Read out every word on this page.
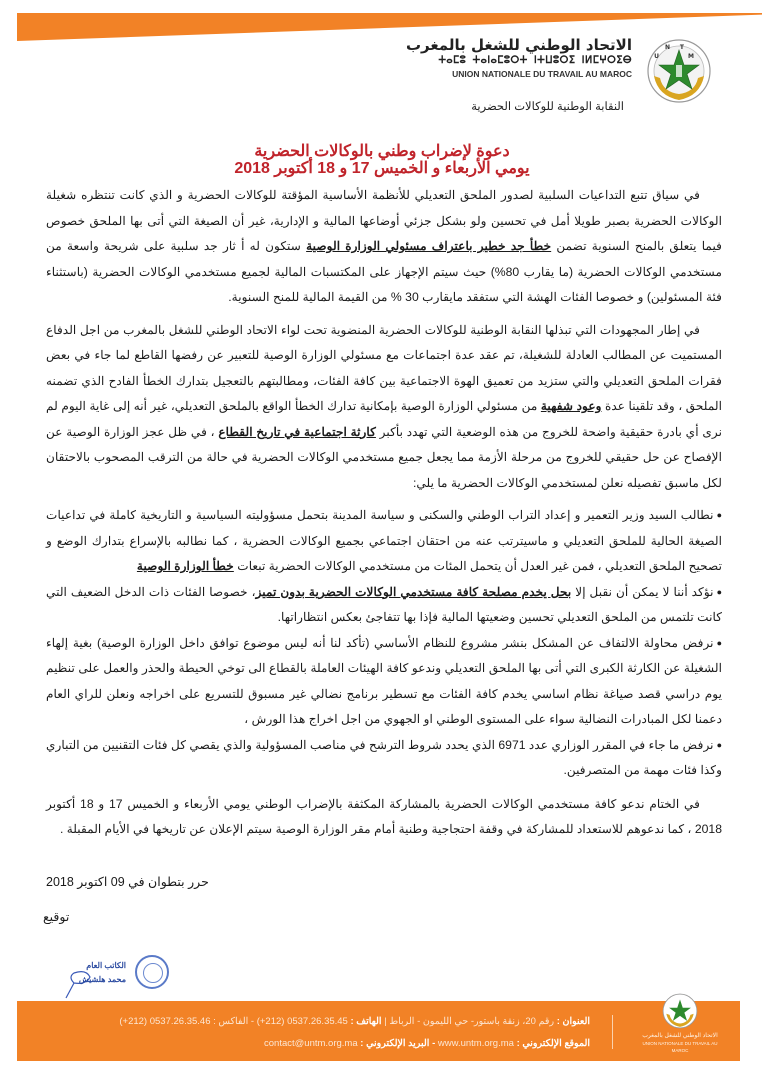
الاتحاد الوطني للشغل بالمغرب
ⵜⴰⵎⵓ ⵜⴰⵏⴰⵎⵓⵔⵜ ⵏⵜⵡⵓⵔⵉ ⵏⵍⵎⵖⵔⵉⴱ
UNION NATIONALE DU TRAVAIL AU MAROC
النقابة الوطنية للوكالات الحضرية
U
N T
M
دعوة لإضراب وطني بالوكالات الحضرية
يومي الأربعاء و الخميس 17 و 18 أكتوبر 2018

في سياق تتبع التداعيات السلبية لصدور الملحق التعديلي للأنظمة الأساسية المؤقتة للوكالات الحضرية و الذي كانت تنتظره شغيلة الوكالات الحضرية بصبر طويلا أمل في تحسين ولو بشكل جزئي أوضاعها المالية و الإدارية، غير أن الصيغة التي أتى بها الملحق خصوص فيما يتعلق بالمنح السنوية تضمن خطأ جد خطير باعتراف مسئولي الوزارة الوصية ستكون له أ ثار جد سلبية على شريحة واسعة من مستخدمي الوكالات الحضرية (ما يقارب 80%) حيث سيتم الإجهاز على المكتسبات المالية لجميع مستخدمي الوكالات الحضرية (باستثناء فئة المسئولين) و خصوصا الفئات الهشة التي ستفقد مايقارب 30 % من القيمة المالية للمنح السنوية.

في إطار المجهودات التي تبذلها النقابة الوطنية للوكالات الحضرية المنضوية تحت لواء الاتحاد الوطني للشغل بالمغرب من اجل الدفاع المستميت عن المطالب العادلة للشغيلة، تم عقد عدة اجتماعات مع مسئولي الوزارة الوصية للتعبير عن رفضها القاطع لما جاء في بعض فقرات الملحق التعديلي والتي ستزيد من تعميق الهوة الاجتماعية بين كافة الفئات، ومطالبتهم بالتعجيل بتدارك الخطأ الفادح الذي تضمنه الملحق ، وقد تلقينا عدة وعود شفهية من مسئولي الوزارة الوصية بإمكانية تدارك الخطأ الواقع بالملحق التعديلي، غير أنه إلى غاية اليوم لم نرى أي بادرة حقيقية واضحة للخروج من هذه الوضعية التي تهدد بأكبر كارثة اجتماعية في تاريخ القطاع ، في ظل عجز الوزارة الوصية عن الإفصاح عن حل حقيقي للخروج من مرحلة الأزمة مما يجعل جميع مستخدمي الوكالات الحضرية في حالة من الترقب المصحوب بالاحتقان لكل ماسبق تفصيله نعلن لمستخدمي الوكالات الحضرية ما يلي:

●نطالب السيد وزير التعمير و إعداد التراب الوطني والسكنى و سياسة المدينة بتحمل مسؤوليته السياسية و التاريخية كاملة في تداعيات الصيغة الحالية للملحق التعديلي و ماسيترتب عنه من احتقان اجتماعي بجميع الوكالات الحضرية ، كما نطالبه بالإسراع بتدارك الوضع و تصحيح الملحق التعديلي ، فمن غير العدل أن يتحمل المئات من مستخدمي الوكالات الحضرية تبعات خطأ الوزارة الوصية

●نؤكد أننا لا يمكن أن نقبل إلا بحل يخدم مصلحة كافة مستخدمي الوكالات الحضرية بدون تميز، خصوصا الفئات ذات الدخل الضعيف التي كانت تلتمس من الملحق التعديلي تحسين وضعيتها المالية فإذا بها تتفاجئ بعكس انتظاراتها.

●نرفض محاولة الالتفاف عن المشكل بنشر مشروع للنظام الأساسي (تأكد لنا أنه ليس موضوع توافق داخل الوزارة الوصية) بغية إلهاء الشغيلة عن الكارثة الكبرى التي أتى بها الملحق التعديلي وندعو كافة الهيئات العاملة بالقطاع الى توخي الحيطة والحذر والعمل على تنظيم يوم دراسي قصد صياغة نظام اساسي يخدم كافة الفئات مع تسطير برنامج نضالي غير مسبوق للتسريع على اخراجه ونعلن للراي العام دعمنا لكل المبادرات النضالية سواء على المستوى الوطني او الجهوي من اجل اخراج هذا الورش ،

●نرفض ما جاء في المقرر الوزاري عدد 6971 الذي يحدد شروط الترشح في مناصب المسؤولية والذي يقصي كل فئات التقنيين من التباري وكذا فئات مهمة من المتصرفين.

في الختام ندعو كافة مستخدمي الوكالات الحضرية بالمشاركة المكثفة بالإضراب الوطني يومي الأربعاء و الخميس 17 و 18 أكتوبر 2018 ، كما ندعوهم للاستعداد للمشاركة في وقفة احتجاجية وطنية أمام مقر الوزارة الوصية سيتم الإعلان عن تاريخها في الأيام المقبلة .

حرر بتطوان في 09 اكتوبر 2018
توقيع
الكاتب العام
محمد هلشيش
العنوان : رقم 20، زنقة باستور- حي الليمون - الرباط | الهاتف : (+212) 0537.26.35.45 - الفاكس : (+212) 0537.26.35.46
الموقع الإلكتروني : www.untm.org.ma - البريد الإلكتروني : contact@untm.org.ma
الاتحاد الوطني للشغل بالمغرب
UNION NATIONALE DU TRAVAIL AU MAROC
